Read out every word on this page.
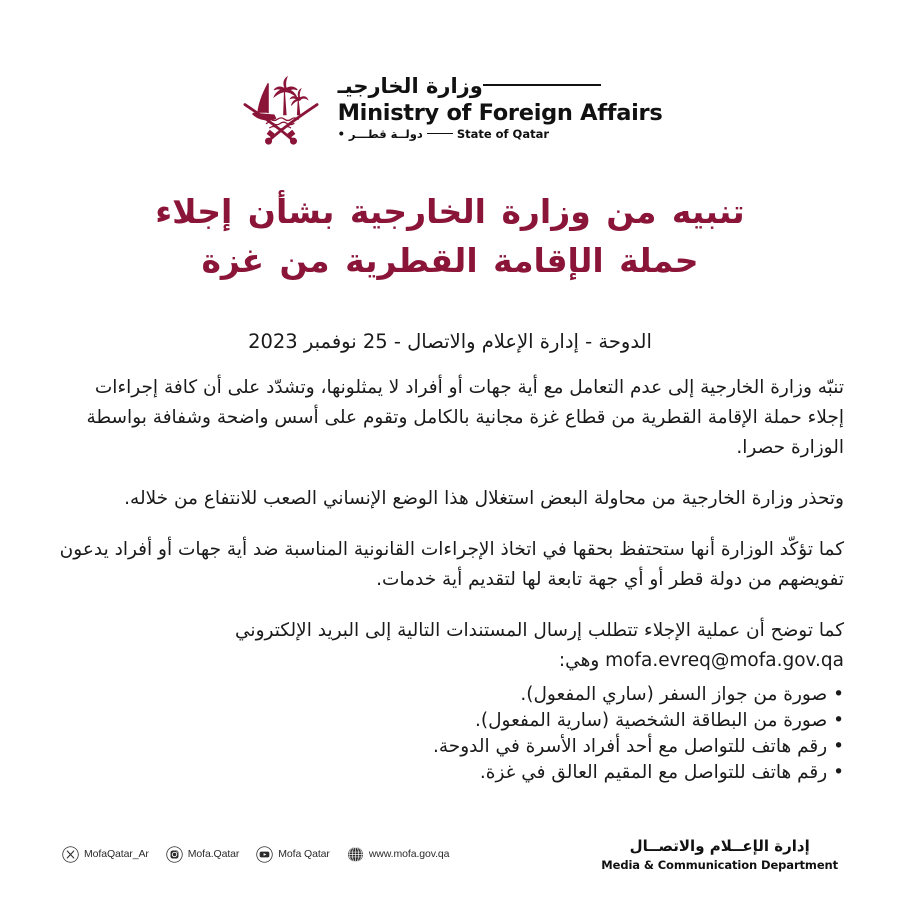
وزارة الخارجيـ
Ministry of Foreign Affairs
State of Qatar
دولــة قطـــر •
تنبيه من وزارة الخارجية بشأن إجلاء
حملة الإقامة القطرية من غزة
الدوحة - إدارة الإعلام والاتصال - 25 نوفمبر 2023

تنبّه وزارة الخارجية إلى عدم التعامل مع أية جهات أو أفراد لا يمثلونها، وتشدّد على أن كافة إجراءات إجلاء حملة الإقامة القطرية من قطاع غزة مجانية بالكامل وتقوم على أسس واضحة وشفافة بواسطة الوزارة حصرا.

وتحذر وزارة الخارجية من محاولة البعض استغلال هذا الوضع الإنساني الصعب للانتفاع من خلاله.

كما تؤكّد الوزارة أنها ستحتفظ بحقها في اتخاذ الإجراءات القانونية المناسبة ضد أية جهات أو أفراد يدعون تفويضهم من دولة قطر أو أي جهة تابعة لها لتقديم أية خدمات.

كما توضح أن عملية الإجلاء تتطلب إرسال المستندات التالية إلى البريد الإلكتروني mofa.evreq@mofa.gov.qa وهي:

• صورة من جواز السفر (ساري المفعول).
• صورة من البطاقة الشخصية (سارية المفعول).
• رقم هاتف للتواصل مع أحد أفراد الأسرة في الدوحة.
• رقم هاتف للتواصل مع المقيم العالق في غزة.
MofaQatar_Ar	Mofa.Qatar	Mofa Qatar	www.mofa.gov.qa	إدارة الإعــلام والاتصــال
Media & Communication Department
